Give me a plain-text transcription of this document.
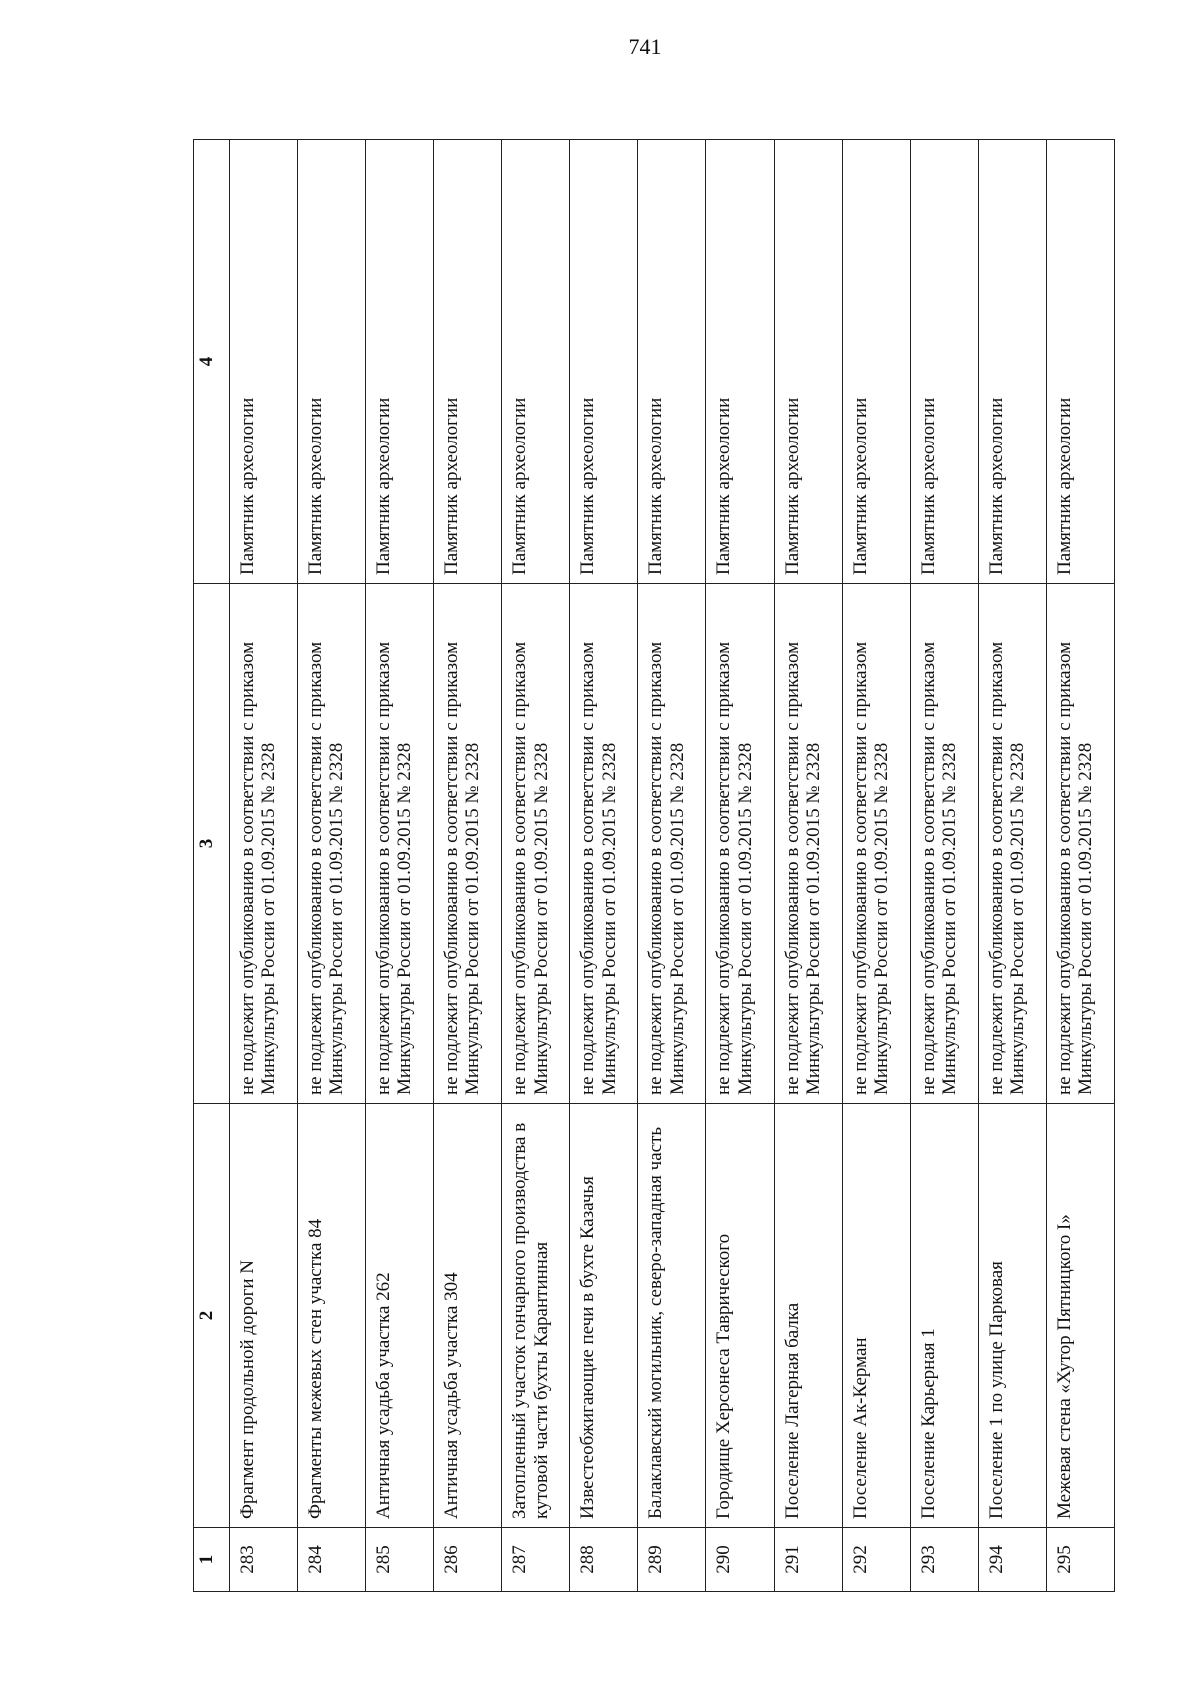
741
1	2	3	4
283	Фрагмент продольной дороги N	не подлежит опубликованию в соответствии с приказом Минкультуры России от 01.09.2015 № 2328	Памятник археологии
284	Фрагменты межевых стен участка 84	не подлежит опубликованию в соответствии с приказом Минкультуры России от 01.09.2015 № 2328	Памятник археологии
285	Античная усадьба участка 262	не подлежит опубликованию в соответствии с приказом Минкультуры России от 01.09.2015 № 2328	Памятник археологии
286	Античная усадьба участка 304	не подлежит опубликованию в соответствии с приказом Минкультуры России от 01.09.2015 № 2328	Памятник археологии
287	Затопленный участок гончарного производства в кутовой части бухты Карантинная	не подлежит опубликованию в соответствии с приказом Минкультуры России от 01.09.2015 № 2328	Памятник археологии
288	Известеобжигающие печи в бухте Казачья	не подлежит опубликованию в соответствии с приказом Минкультуры России от 01.09.2015 № 2328	Памятник археологии
289	Балаклавский могильник, северо-западная часть	не подлежит опубликованию в соответствии с приказом Минкультуры России от 01.09.2015 № 2328	Памятник археологии
290	Городище Херсонеса Таврического	не подлежит опубликованию в соответствии с приказом Минкультуры России от 01.09.2015 № 2328	Памятник археологии
291	Поселение Лагерная балка	не подлежит опубликованию в соответствии с приказом Минкультуры России от 01.09.2015 № 2328	Памятник археологии
292	Поселение Ак-Керман	не подлежит опубликованию в соответствии с приказом Минкультуры России от 01.09.2015 № 2328	Памятник археологии
293	Поселение Карьерная 1	не подлежит опубликованию в соответствии с приказом Минкультуры России от 01.09.2015 № 2328	Памятник археологии
294	Поселение 1 по улице Парковая	не подлежит опубликованию в соответствии с приказом Минкультуры России от 01.09.2015 № 2328	Памятник археологии
295	Межевая стена «Хутор Пятницкого I»	не подлежит опубликованию в соответствии с приказом Минкультуры России от 01.09.2015 № 2328	Памятник археологии
